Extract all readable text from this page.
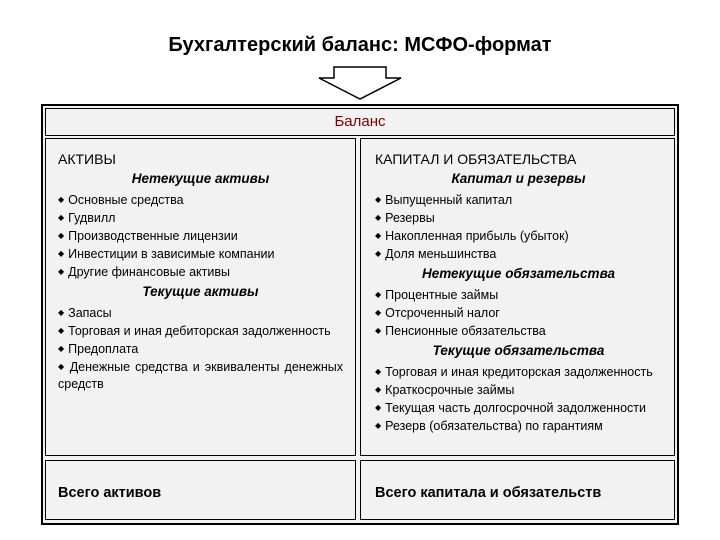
Бухгалтерский баланс: МСФО-формат
Баланс
АКТИВЫ
Нетекущие активы
◆ Основные средства
◆ Гудвилл
◆ Производственные лицензии
◆ Инвестиции в зависимые компании
◆ Другие финансовые активы
Текущие активы
◆ Запасы
◆ Торговая и иная дебиторская задолженность
◆ Предоплата
◆ Денежные средства и эквиваленты денежных средств
КАПИТАЛ И ОБЯЗАТЕЛЬСТВА
Капитал и резервы
◆ Выпущенный капитал
◆ Резервы
◆ Накопленная прибыль (убыток)
◆ Доля меньшинства
Нетекущие обязательства
◆ Процентные займы
◆ Отсроченный налог
◆ Пенсионные обязательства
Текущие обязательства
◆ Торговая и иная кредиторская задолженность
◆ Краткосрочные займы
◆ Текущая часть долгосрочной задолженности
◆ Резерв (обязательства) по гарантиям
Всего активов	Всего капитала и обязательств
